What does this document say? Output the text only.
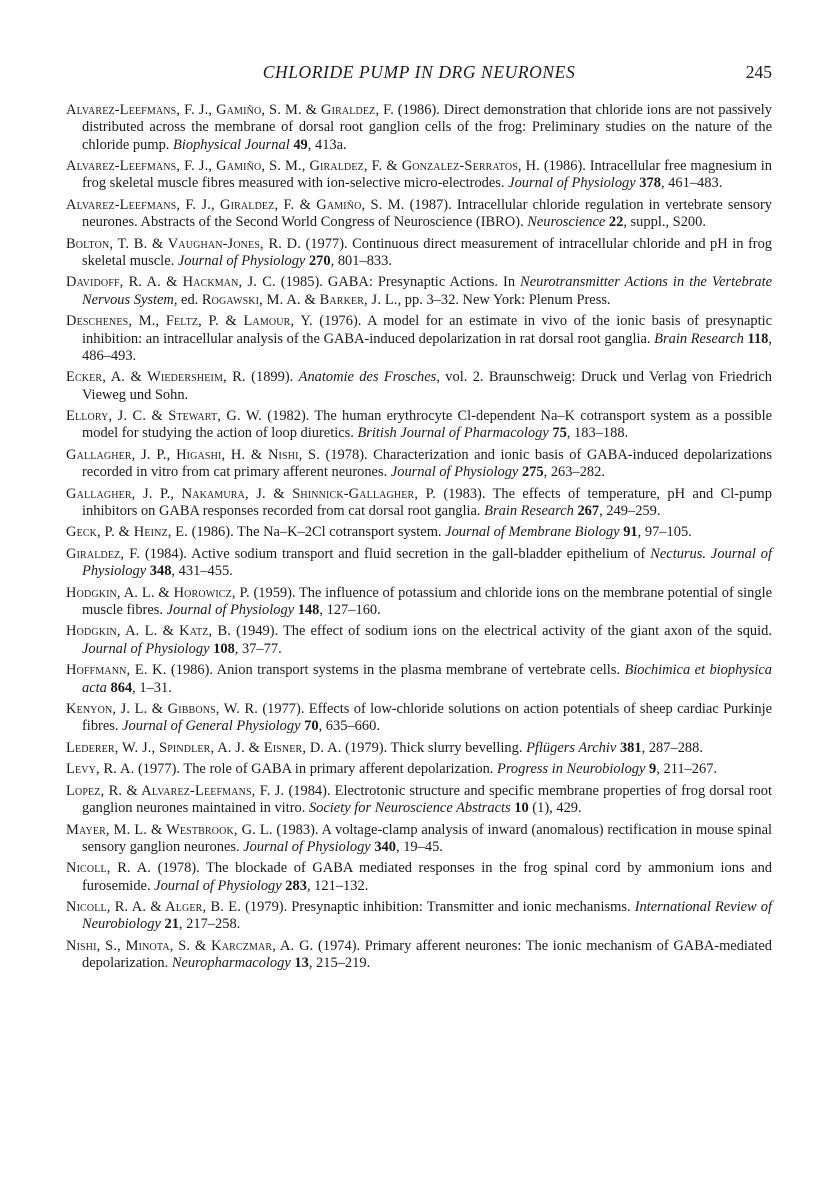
CHLORIDE PUMP IN DRG NEURONES	245
Alvarez-Leefmans, F. J., Gamiño, S. M. & Giraldez, F. (1986). Direct demonstration that chloride ions are not passively distributed across the membrane of dorsal root ganglion cells of the frog: Preliminary studies on the nature of the chloride pump. Biophysical Journal 49, 413a.
Alvarez-Leefmans, F. J., Gamiño, S. M., Giraldez, F. & Gonzalez-Serratos, H. (1986). Intracellular free magnesium in frog skeletal muscle fibres measured with ion-selective micro-electrodes. Journal of Physiology 378, 461–483.
Alvarez-Leefmans, F. J., Giraldez, F. & Gamiño, S. M. (1987). Intracellular chloride regulation in vertebrate sensory neurones. Abstracts of the Second World Congress of Neuroscience (IBRO). Neuroscience 22, suppl., S200.
Bolton, T. B. & Vaughan-Jones, R. D. (1977). Continuous direct measurement of intracellular chloride and pH in frog skeletal muscle. Journal of Physiology 270, 801–833.
Davidoff, R. A. & Hackman, J. C. (1985). GABA: Presynaptic Actions. In Neurotransmitter Actions in the Vertebrate Nervous System, ed. Rogawski, M. A. & Barker, J. L., pp. 3–32. New York: Plenum Press.
Deschenes, M., Feltz, P. & Lamour, Y. (1976). A model for an estimate in vivo of the ionic basis of presynaptic inhibition: an intracellular analysis of the GABA-induced depolarization in rat dorsal root ganglia. Brain Research 118, 486–493.
Ecker, A. & Wiedersheim, R. (1899). Anatomie des Frosches, vol. 2. Braunschweig: Druck und Verlag von Friedrich Vieweg und Sohn.
Ellory, J. C. & Stewart, G. W. (1982). The human erythrocyte Cl-dependent Na–K cotransport system as a possible model for studying the action of loop diuretics. British Journal of Pharmacology 75, 183–188.
Gallagher, J. P., Higashi, H. & Nishi, S. (1978). Characterization and ionic basis of GABA-induced depolarizations recorded in vitro from cat primary afferent neurones. Journal of Physiology 275, 263–282.
Gallagher, J. P., Nakamura, J. & Shinnick-Gallagher, P. (1983). The effects of temperature, pH and Cl-pump inhibitors on GABA responses recorded from cat dorsal root ganglia. Brain Research 267, 249–259.
Geck, P. & Heinz, E. (1986). The Na–K–2Cl cotransport system. Journal of Membrane Biology 91, 97–105.
Giraldez, F. (1984). Active sodium transport and fluid secretion in the gall-bladder epithelium of Necturus. Journal of Physiology 348, 431–455.
Hodgkin, A. L. & Horowicz, P. (1959). The influence of potassium and chloride ions on the membrane potential of single muscle fibres. Journal of Physiology 148, 127–160.
Hodgkin, A. L. & Katz, B. (1949). The effect of sodium ions on the electrical activity of the giant axon of the squid. Journal of Physiology 108, 37–77.
Hoffmann, E. K. (1986). Anion transport systems in the plasma membrane of vertebrate cells. Biochimica et biophysica acta 864, 1–31.
Kenyon, J. L. & Gibbons, W. R. (1977). Effects of low-chloride solutions on action potentials of sheep cardiac Purkinje fibres. Journal of General Physiology 70, 635–660.
Lederer, W. J., Spindler, A. J. & Eisner, D. A. (1979). Thick slurry bevelling. Pflügers Archiv 381, 287–288.
Levy, R. A. (1977). The role of GABA in primary afferent depolarization. Progress in Neurobiology 9, 211–267.
Lopez, R. & Alvarez-Leefmans, F. J. (1984). Electrotonic structure and specific membrane properties of frog dorsal root ganglion neurones maintained in vitro. Society for Neuroscience Abstracts 10 (1), 429.
Mayer, M. L. & Westbrook, G. L. (1983). A voltage-clamp analysis of inward (anomalous) rectification in mouse spinal sensory ganglion neurones. Journal of Physiology 340, 19–45.
Nicoll, R. A. (1978). The blockade of GABA mediated responses in the frog spinal cord by ammonium ions and furosemide. Journal of Physiology 283, 121–132.
Nicoll, R. A. & Alger, B. E. (1979). Presynaptic inhibition: Transmitter and ionic mechanisms. International Review of Neurobiology 21, 217–258.
Nishi, S., Minota, S. & Karczmar, A. G. (1974). Primary afferent neurones: The ionic mechanism of GABA-mediated depolarization. Neuropharmacology 13, 215–219.
